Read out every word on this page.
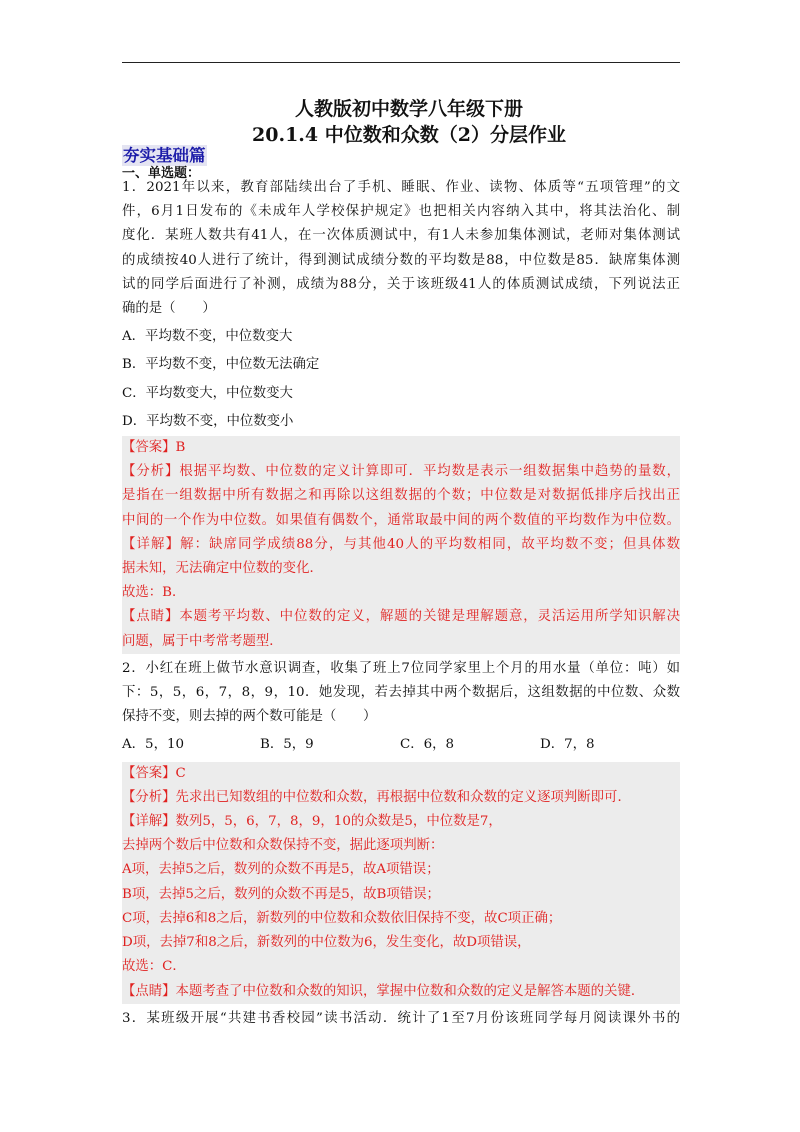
人教版初中数学八年级下册
20.1.4 中位数和众数（2）分层作业
夯实基础篇
一、单选题：

1．2021年以来，教育部陆续出台了手机、睡眠、作业、读物、体质等“五项管理”的文

件，6月1日发布的《未成年人学校保护规定》也把相关内容纳入其中，将其法治化、制

度化．某班人数共有41人，在一次体质测试中，有1人未参加集体测试，老师对集体测试

的成绩按40人进行了统计，得到测试成绩分数的平均数是88，中位数是85．缺席集体测

试的同学后面进行了补测，成绩为88分，关于该班级41人的体质测试成绩，下列说法正

确的是（　　）

A．平均数不变，中位数变大

B．平均数不变，中位数无法确定

C．平均数变大，中位数变大

D．平均数不变，中位数变小

【答案】B

【分析】根据平均数、中位数的定义计算即可．平均数是表示一组数据集中趋势的量数，

是指在一组数据中所有数据之和再除以这组数据的个数；中位数是对数据低排序后找出正

中间的一个作为中位数。如果值有偶数个，通常取最中间的两个数值的平均数作为中位数。

【详解】解：缺席同学成绩88分，与其他40人的平均数相同，故平均数不变；但具体数

据未知，无法确定中位数的变化．

故选：B．

【点睛】本题考平均数、中位数的定义，解题的关键是理解题意，灵活运用所学知识解决

问题，属于中考常考题型．

2．小红在班上做节水意识调查，收集了班上7位同学家里上个月的用水量（单位：吨）如

下：5，5，6，7，8，9，10．她发现，若去掉其中两个数据后，这组数据的中位数、众数

保持不变，则去掉的两个数可能是（　　）

A．5，10	B．5，9	C．6，8	D．7，8

【答案】C

【分析】先求出已知数组的中位数和众数，再根据中位数和众数的定义逐项判断即可．

【详解】数列5，5，6，7，8，9，10的众数是5，中位数是7，

去掉两个数后中位数和众数保持不变，据此逐项判断：

A项，去掉5之后，数列的众数不再是5，故A项错误；

B项，去掉5之后，数列的众数不再是5，故B项错误；

C项，去掉6和8之后，新数列的中位数和众数依旧保持不变，故C项正确；

D项，去掉7和8之后，新数列的中位数为6，发生变化，故D项错误，

故选：C．

【点睛】本题考查了中位数和众数的知识，掌握中位数和众数的定义是解答本题的关键．

3．某班级开展“共建书香校园”读书活动．统计了1至7月份该班同学每月阅读课外书的
